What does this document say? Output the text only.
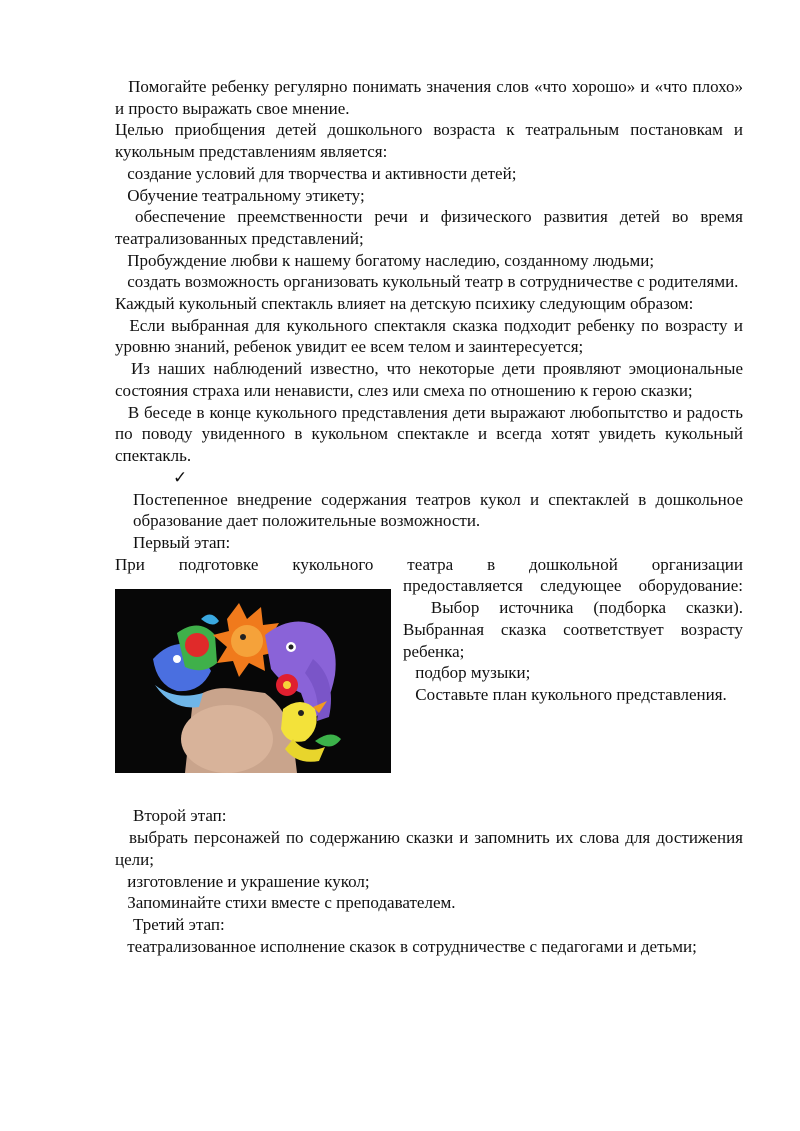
Помогайте ребенку регулярно понимать значения слов «что хорошо» и «что плохо» и просто выражать свое мнение.

Целью приобщения детей дошкольного возраста к театральным постановкам и кукольным представлениям является:

создание условий для творчества и активности детей;

Обучение театральному этикету;

обеспечение преемственности речи и физического развития детей во время театрализованных представлений;

Пробуждение любви к нашему богатому наследию, созданному людьми;

создать возможность организовать кукольный театр в сотрудничестве с родителями.

Каждый кукольный спектакль влияет на детскую психику следующим образом:

Если выбранная для кукольного спектакля сказка подходит ребенку по возрасту и уровню знаний, ребенок увидит ее всем телом и заинтересуется;

Из наших наблюдений известно, что некоторые дети проявляют эмоциональные состояния страха или ненависти, слез или смеха по отношению к герою сказки;

В беседе в конце кукольного представления дети выражают любопытство и радость по поводу увиденного в кукольном спектакле и всегда хотят увидеть кукольный спектакль.

✓

Постепенное внедрение содержания театров кукол и спектаклей в дошкольное образование дает положительные возможности.

Первый этап:

При подготовке кукольного театра в дошкольной организации

предоставляется следующее оборудование:

Выбор источника (подборка сказки). Выбранная сказка соответствует возрасту ребенка;

подбор музыки;

Составьте план кукольного представления.

Второй этап:

выбрать персонажей по содержанию сказки и запомнить их слова для достижения цели;

изготовление и украшение кукол;

Запоминайте стихи вместе с преподавателем.

Третий этап:

театрализованное исполнение сказок в сотрудничестве с педагогами и детьми;
